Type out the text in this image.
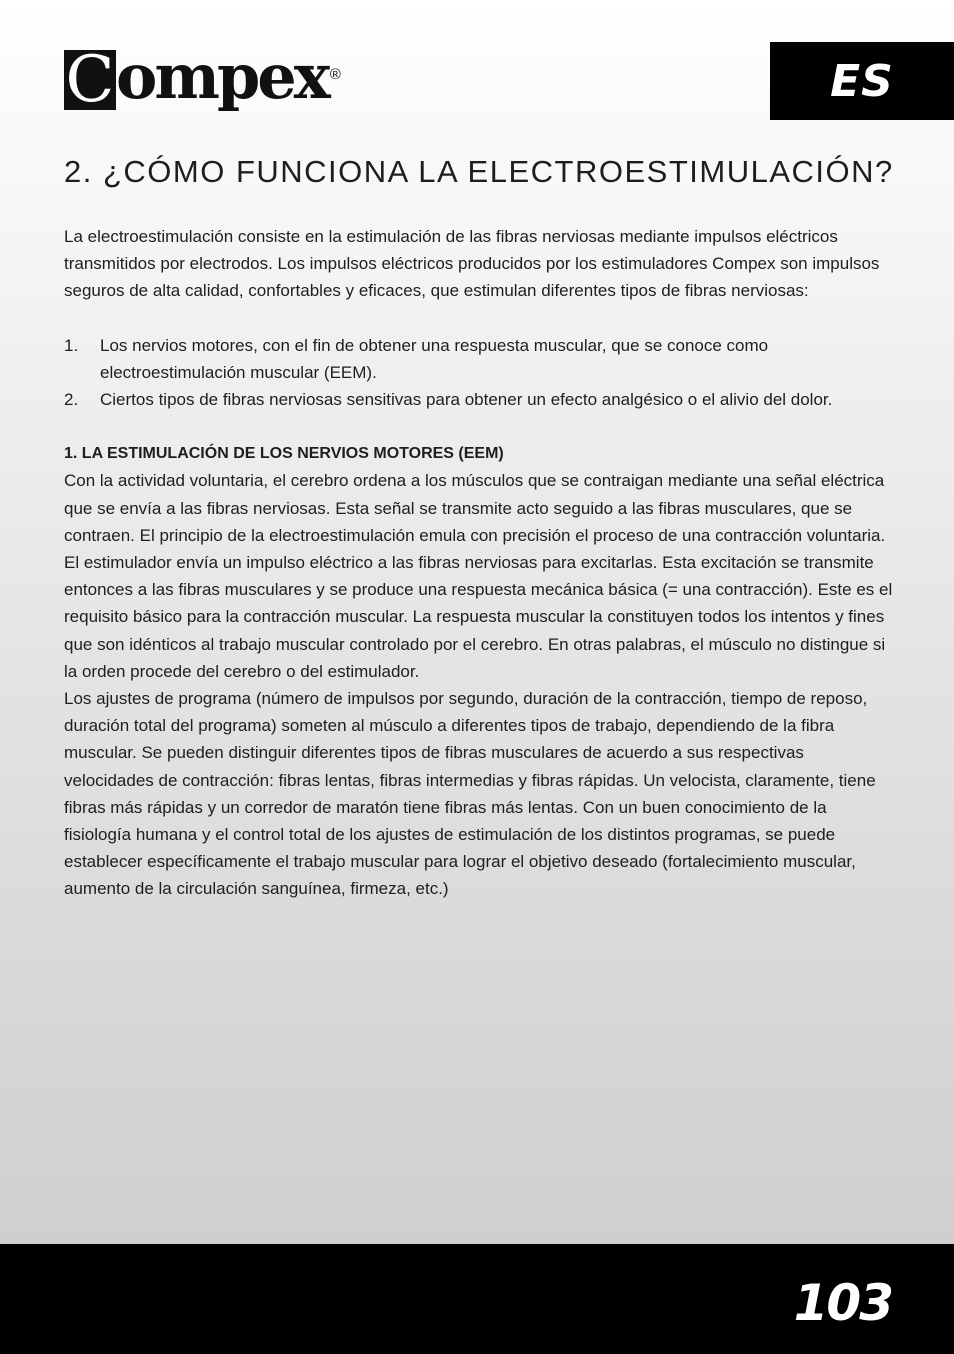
C ompex ®	ES
2. ¿CÓMO FUNCIONA LA ELECTROESTIMULACIÓN?

La electroestimulación consiste en la estimulación de las fibras nerviosas mediante impulsos eléctricos transmitidos por electrodos. Los impulsos eléctricos producidos por los estimuladores Compex son impulsos seguros de alta calidad, confortables y eficaces, que estimulan diferentes tipos de fibras nerviosas:

1. Los nervios motores, con el fin de obtener una respuesta muscular, que se conoce como electroestimulación muscular (EEM).
2. Ciertos tipos de fibras nerviosas sensitivas para obtener un efecto analgésico o el alivio del dolor.
1. LA ESTIMULACIÓN DE LOS NERVIOS MOTORES (EEM)

Con la actividad voluntaria, el cerebro ordena a los músculos que se contraigan mediante una señal eléctrica que se envía a las fibras nerviosas. Esta señal se transmite acto seguido a las fibras musculares, que se contraen. El principio de la electroestimulación emula con precisión el proceso de una contracción voluntaria. El estimulador envía un impulso eléctrico a las fibras nerviosas para excitarlas. Esta excitación se transmite entonces a las fibras musculares y se produce una respuesta mecánica básica (= una contracción). Este es el requisito básico para la contracción muscular. La respuesta muscular la constituyen todos los intentos y fines que son idénticos al trabajo muscular controlado por el cerebro. En otras palabras, el músculo no distingue si la orden procede del cerebro o del estimulador.

Los ajustes de programa (número de impulsos por segundo, duración de la contracción, tiempo de reposo, duración total del programa) someten al músculo a diferentes tipos de trabajo, dependiendo de la fibra muscular. Se pueden distinguir diferentes tipos de fibras musculares de acuerdo a sus respectivas velocidades de contracción: fibras lentas, fibras intermedias y fibras rápidas. Un velocista, claramente, tiene fibras más rápidas y un corredor de maratón tiene fibras más lentas. Con un buen conocimiento de la fisiología humana y el control total de los ajustes de estimulación de los distintos programas, se puede establecer específicamente el trabajo muscular para lograr el objetivo deseado (fortalecimiento muscular, aumento de la circulación sanguínea, firmeza, etc.)

103
